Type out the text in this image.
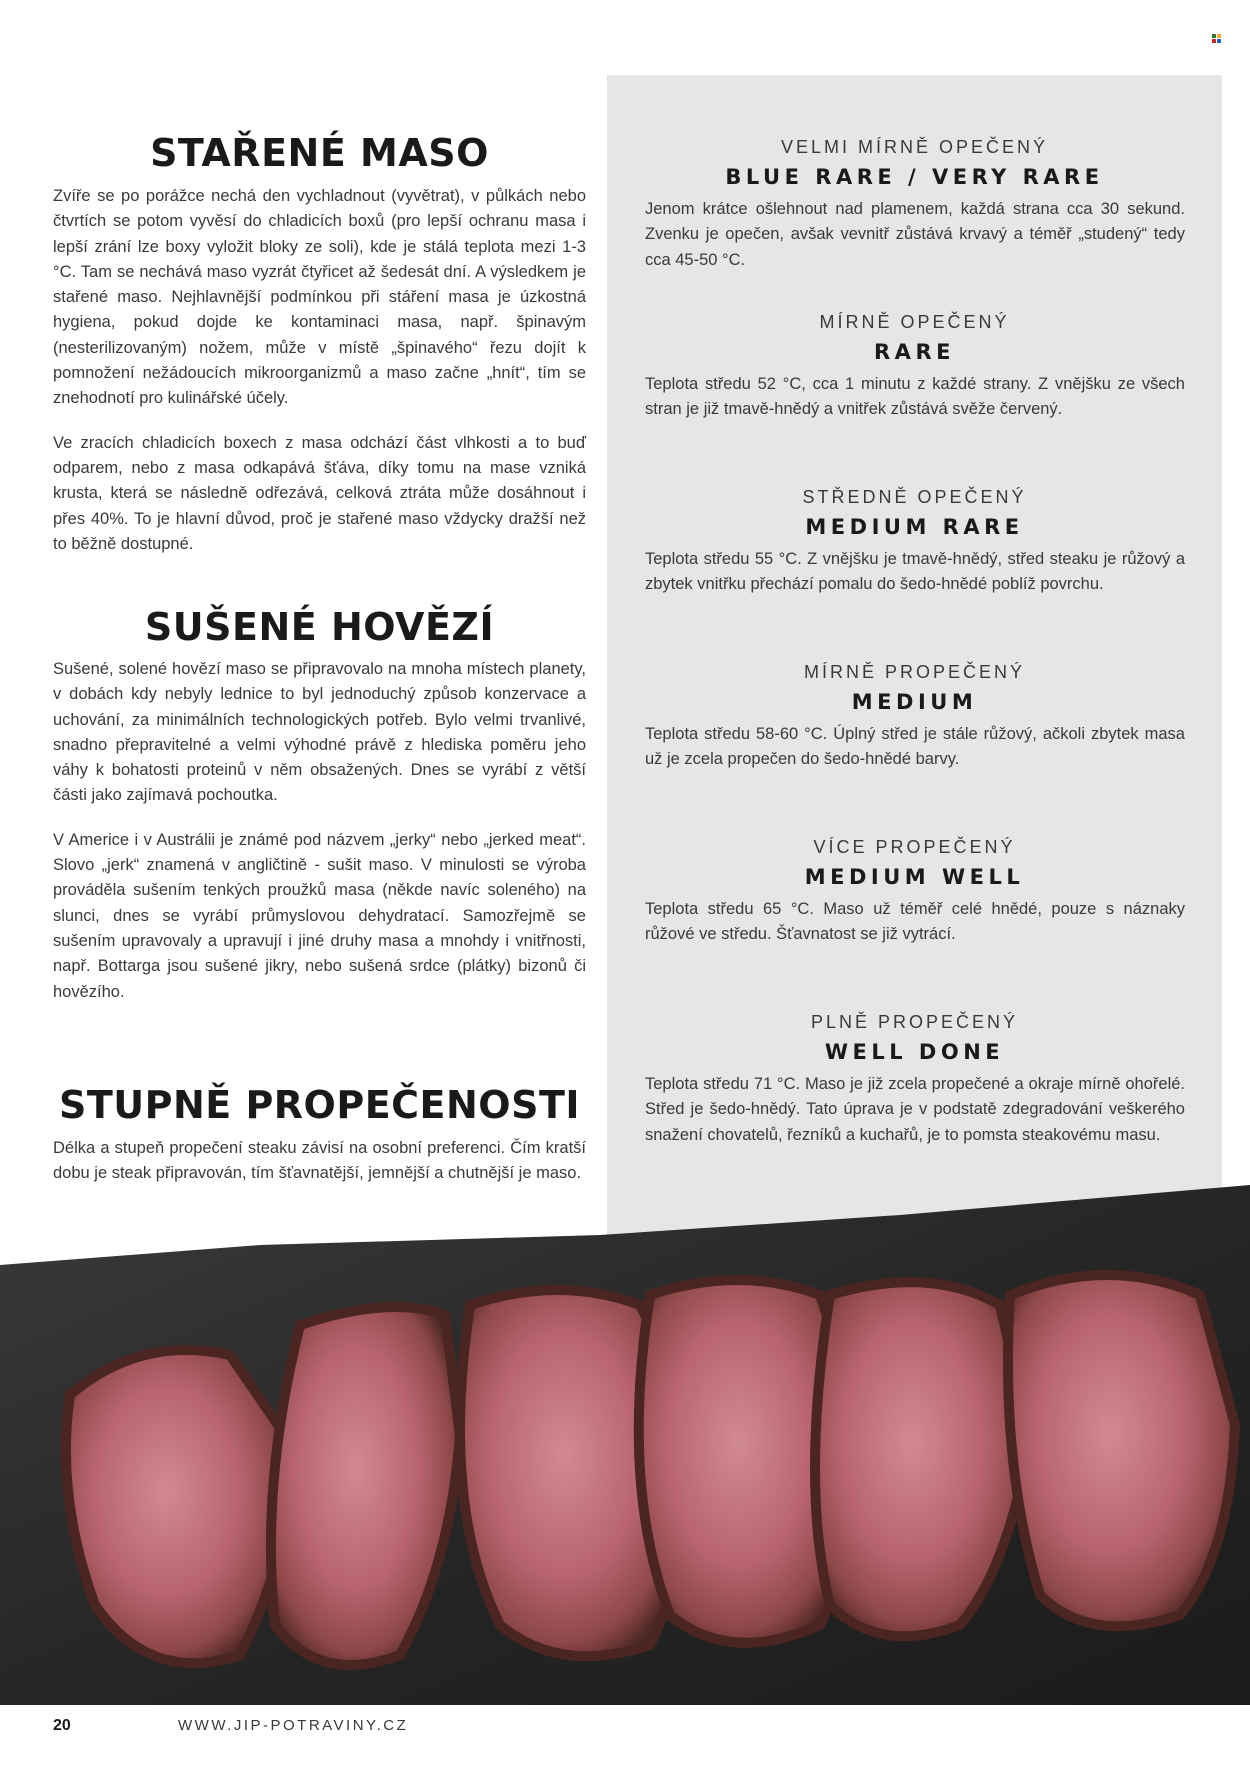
STAŘENÉ MASO

Zvíře se po porážce nechá den vychladnout (vyvětrat), v půlkách nebo čtvrtích se potom vyvěsí do chladicích boxů (pro lepší ochranu masa i lepší zrání lze boxy vyložit bloky ze soli), kde je stálá teplota mezi 1-3 °C. Tam se nechává maso vyzrát čtyřicet až šedesát dní. A výsledkem je stařené maso. Nejhlavnější podmínkou při stáření masa je úzkostná hygiena, pokud dojde ke kontaminaci masa, např. špinavým (nesterilizovaným) nožem, může v místě „špinavého“ řezu dojít k pomnožení nežádoucích mikroorganizmů a maso začne „hnít“, tím se znehodnotí pro kulinářské účely.

Ve zracích chladicích boxech z masa odchází část vlhkosti a to buď odparem, nebo z masa odkapává šťáva, díky tomu na mase vzniká krusta, která se následně odřezává, celková ztráta může dosáhnout i přes 40%. To je hlavní důvod, proč je stařené maso vždycky dražší než to běžně dostupné.

SUŠENÉ HOVĚZÍ

Sušené, solené hovězí maso se připravovalo na mnoha místech planety, v dobách kdy nebyly lednice to byl jednoduchý způsob konzervace a uchování, za minimálních technologických potřeb. Bylo velmi trvanlivé, snadno přepravitelné a velmi výhodné právě z hlediska poměru jeho váhy k bohatosti proteinů v něm obsažených. Dnes se vyrábí z větší části jako zajímavá pochoutka.

V Americe i v Austrálii je známé pod názvem „jerky“ nebo „jerked meat“. Slovo „jerk“ znamená v angličtině - sušit maso. V minulosti se výroba prováděla sušením tenkých proužků masa (někde navíc soleného) na slunci, dnes se vyrábí průmyslovou dehydratací. Samozřejmě se sušením upravovaly a upravují i jiné druhy masa a mnohdy i vnitřnosti, např. Bottarga jsou sušené jikry, nebo sušená srdce (plátky) bizonů či hovězího.

STUPNĚ PROPEČENOSTI

Délka a stupeň propečení steaku závisí na osobní preferenci. Čím kratší dobu je steak připravován, tím šťavnatější, jemnější a chutnější je maso.

VELMI MÍRNĚ OPEČENÝ
BLUE RARE / VERY RARE
Jenom krátce ošlehnout nad plamenem, každá strana cca 30 sekund. Zvenku je opečen, avšak vevnitř zůstává krvavý a téměř „studený“ tedy cca 45-50 °C.
MÍRNĚ OPEČENÝ
RARE
Teplota středu 52 °C, cca 1 minutu z každé strany. Z vnějšku ze všech stran je již tmavě-hnědý a vnitřek zůstává svěže červený.
STŘEDNĚ OPEČENÝ
MEDIUM RARE
Teplota středu 55 °C. Z vnějšku je tmavě-hnědý, střed steaku je růžový a zbytek vnitřku přechází pomalu do šedo-hnědé poblíž povrchu.
MÍRNĚ PROPEČENÝ
MEDIUM
Teplota středu 58-60 °C. Úplný střed je stále růžový, ačkoli zbytek masa už je zcela propečen do šedo-hnědé barvy.
VÍCE PROPEČENÝ
MEDIUM WELL
Teplota středu 65 °C. Maso už téměř celé hnědé, pouze s náznaky růžové ve středu. Šťavnatost se již vytrácí.
PLNĚ PROPEČENÝ
WELL DONE
Teplota středu 71 °C. Maso je již zcela propečené a okraje mírně ohořelé. Střed je šedo-hnědý. Tato úprava je v podstatě zdegradování veškerého snažení chovatelů, řezníků a kuchařů, je to pomsta steakovému masu.
20	WWW.JIP-POTRAVINY.CZ
